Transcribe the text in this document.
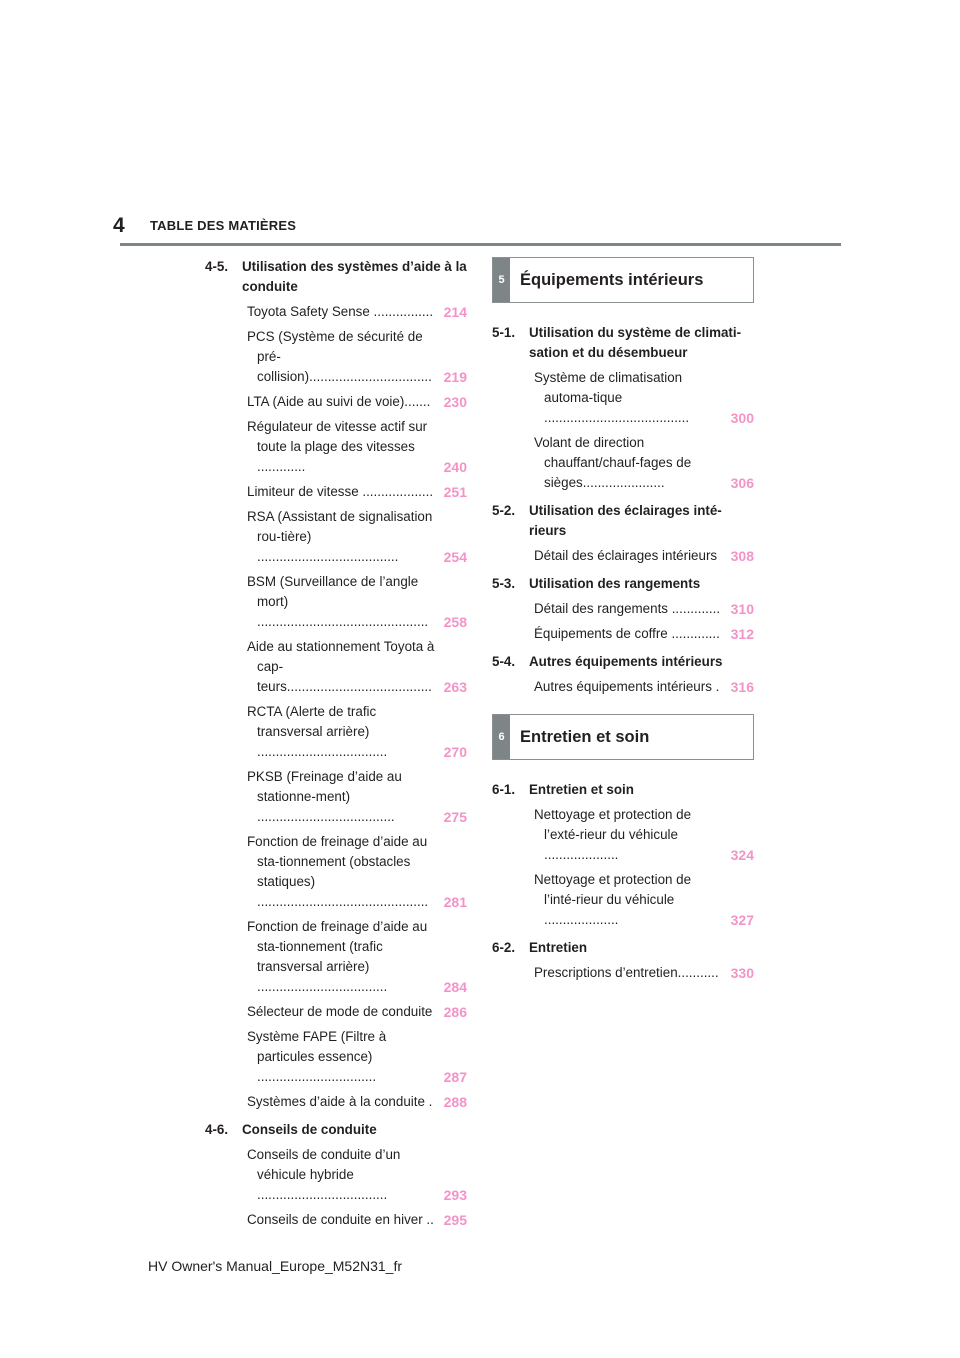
4 TABLE DES MATIÈRES
4-5.	Utilisation des systèmes d’aide à la conduite
Toyota Safety Sense ................ 214
PCS (Système de sécurité de pré-collision)................................. 219
LTA (Aide au suivi de voie)....... 230
Régulateur de vitesse actif sur toute la plage des vitesses .............	240
Limiteur de vitesse ................... 251
RSA (Assistant de signalisation rou-tière) ......................................	254
BSM (Surveillance de l’angle mort) .............................................. 258
Aide au stationnement Toyota à cap-teurs....................................... 263
RCTA (Alerte de trafic transversal arrière) ...................................	270
PKSB (Freinage d’aide au stationne-ment) .....................................	275
Fonction de freinage d’aide au sta-tionnement (obstacles statiques) .............................................. 281
Fonction de freinage d’aide au sta-tionnement (trafic transversal arrière) ...................................	284
Sélecteur de mode de conduite 286
Système FAPE (Filtre à particules essence) ................................	287
Systèmes d’aide à la conduite . 288
4-6.	Conseils de conduite
Conseils de conduite d’un véhicule hybride ...................................	293
Conseils de conduite en hiver .. 295
5 Équipements intérieurs
5-1.	Utilisation du système de climati-sation et du désembueur
Système de climatisation automa-tique .......................................	300
Volant de direction chauffant/chauf-fages de sièges......................	306
5-2.	Utilisation des éclairages inté-rieurs
Détail des éclairages intérieurs 308
5-3.	Utilisation des rangements
Détail des rangements ............. 310
Équipements de coffre ............. 312
5-4.	Autres équipements intérieurs
Autres équipements intérieurs . 316
6 Entretien et soin
6-1.	Entretien et soin
Nettoyage et protection de l’exté-rieur du véhicule ....................	324
Nettoyage et protection de l’inté-rieur du véhicule ....................	327
6-2.	Entretien
Prescriptions d’entretien........... 330
HV Owner's Manual_Europe_M52N31_fr
